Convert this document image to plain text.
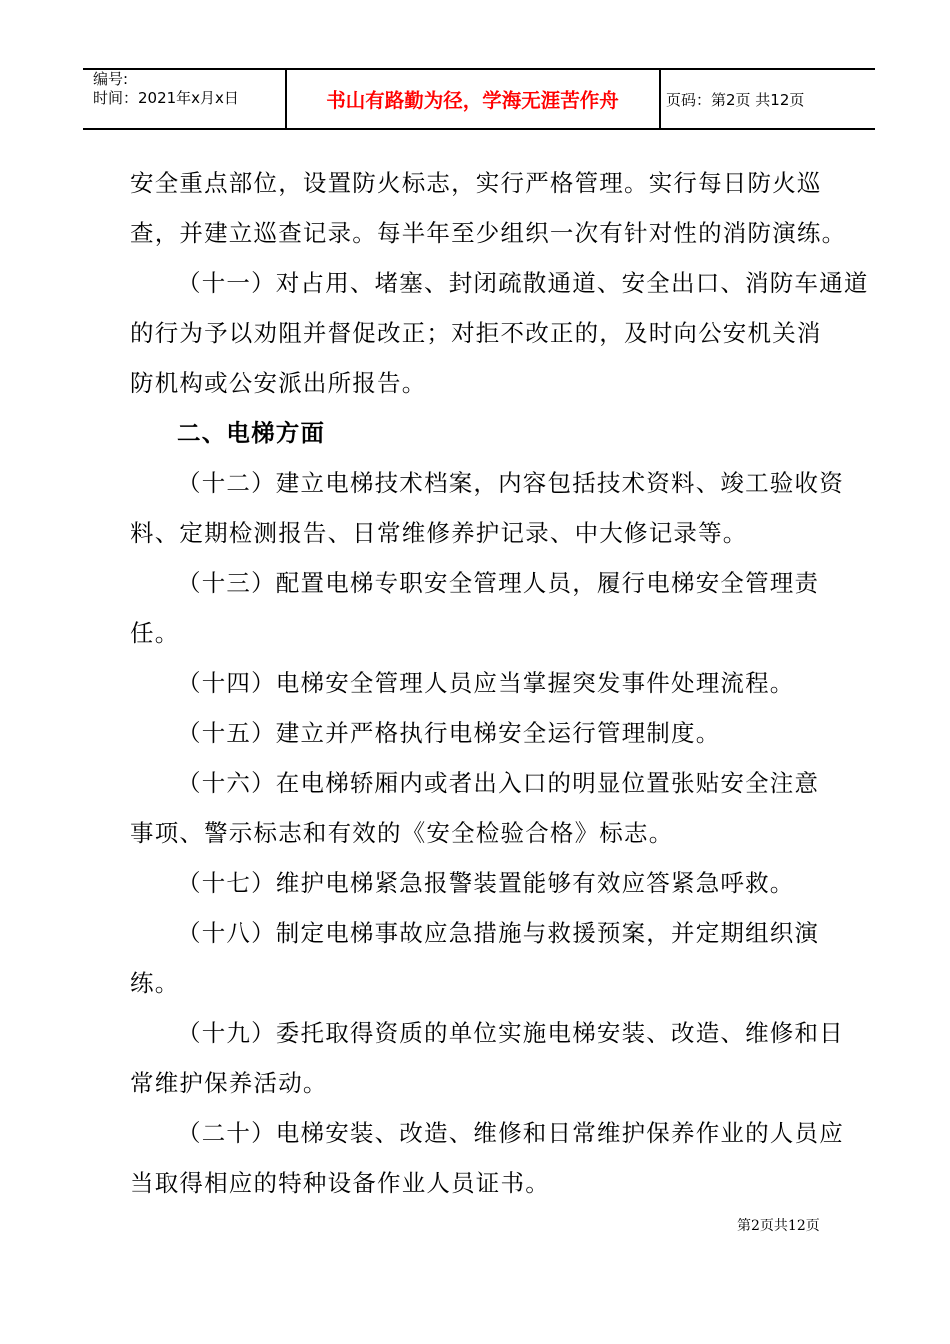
编号:
时间：2021年x月x日	书山有路勤为径，学海无涯苦作舟	页码：第2页 共12页
安全重点部位，设置防火标志，实行严格管理。实行每日防火巡
查，并建立巡查记录。每半年至少组织一次有针对性的消防演练。
（十一）对占用、堵塞、封闭疏散通道、安全出口、消防车通道
的行为予以劝阻并督促改正；对拒不改正的，及时向公安机关消
防机构或公安派出所报告。
二、电梯方面
（十二）建立电梯技术档案，内容包括技术资料、竣工验收资
料、定期检测报告、日常维修养护记录、中大修记录等。
（十三）配置电梯专职安全管理人员，履行电梯安全管理责
任。
（十四）电梯安全管理人员应当掌握突发事件处理流程。
（十五）建立并严格执行电梯安全运行管理制度。
（十六）在电梯轿厢内或者出入口的明显位置张贴安全注意
事项、警示标志和有效的《安全检验合格》标志。
（十七）维护电梯紧急报警装置能够有效应答紧急呼救。
（十八）制定电梯事故应急措施与救援预案，并定期组织演
练。
（十九）委托取得资质的单位实施电梯安装、改造、维修和日
常维护保养活动。
（二十）电梯安装、改造、维修和日常维护保养作业的人员应
当取得相应的特种设备作业人员证书。
第2页共12页
